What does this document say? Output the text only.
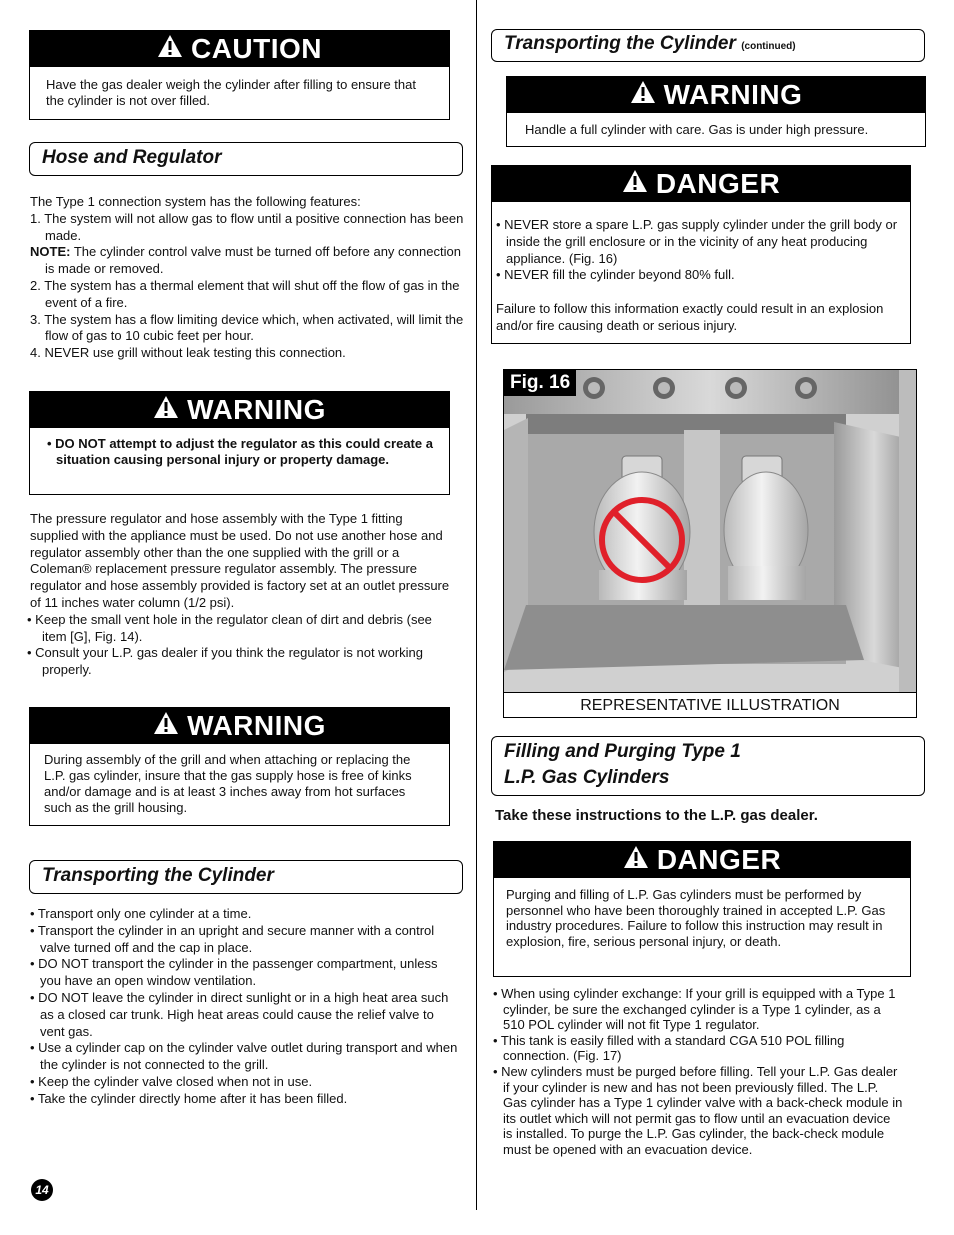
CAUTION
Have the gas dealer weigh the cylinder after filling to ensure that the cylinder is not over filled.
Hose and Regulator

The Type 1 connection system has the following features:

1. The system will not allow gas to flow until a positive connection has been made.

NOTE: The cylinder control valve must be turned off before any connection is made or removed.

2. The system has a thermal element that will shut off the flow of gas in the event of a fire.

3. The system has a flow limiting device which, when activated, will limit the flow of gas to 10 cubic feet per hour.

4. NEVER use grill without leak testing this connection.

WARNING
• DO NOT attempt to adjust the regulator as this could create a situation causing personal injury or property damage.

The pressure regulator and hose assembly with the Type 1 fitting supplied with the appliance must be used. Do not use another hose and regulator assembly other than the one supplied with the grill or a Coleman® replacement pressure regulator assembly. The pressure regulator and hose assembly provided is factory set at an outlet pressure of 11 inches water column (1/2 psi).

• Keep the small vent hole in the regulator clean of dirt and debris (see item [G], Fig. 14).

• Consult your L.P. gas dealer if you think the regulator is not working properly.

WARNING
During assembly of the grill and when attaching or replacing the L.P. gas cylinder, insure that the gas supply hose is free of kinks and/or damage and is at least 3 inches away from hot surfaces such as the grill housing.
Transporting the Cylinder

• Transport only one cylinder at a time.

• Transport the cylinder in an upright and secure manner with a control valve turned off and the cap in place.

• DO NOT transport the cylinder in the passenger compartment, unless you have an open window ventilation.

• DO NOT leave the cylinder in direct sunlight or in a high heat area such as a closed car trunk. High heat areas could cause the relief valve to vent gas.

• Use a cylinder cap on the cylinder valve outlet during transport and when the cylinder is not connected to the grill.

• Keep the cylinder valve closed when not in use.

• Take the cylinder directly home after it has been filled.

14
Transporting the Cylinder (continued)
WARNING
Handle a full cylinder with care. Gas is under high pressure.
DANGER

• NEVER store a spare L.P. gas supply cylinder under the grill body or inside the grill enclosure or in the vicinity of any heat producing appliance. (Fig. 16)

• NEVER fill the cylinder beyond 80% full.

Failure to follow this information exactly could result in an explosion and/or fire causing death or serious injury.

Fig. 16
REPRESENTATIVE ILLUSTRATION
Filling and Purging Type 1
L.P. Gas Cylinders
Take these instructions to the L.P. gas dealer.
DANGER
Purging and filling of L.P. Gas cylinders must be performed by personnel who have been thoroughly trained in accepted L.P. Gas industry procedures. Failure to follow this instruction may result in explosion, fire, serious personal injury, or death.

• When using cylinder exchange: If your grill is equipped with a Type 1 cylinder, be sure the exchanged cylinder is a Type 1 cylinder, as a 510 POL cylinder will not fit Type 1 regulator.

• This tank is easily filled with a standard CGA 510 POL filling connection. (Fig. 17)

• New cylinders must be purged before filling. Tell your L.P. Gas dealer if your cylinder is new and has not been previously filled. The L.P. Gas cylinder has a Type 1 cylinder valve with a back-check module in its outlet which will not permit gas to flow until an evacuation device is installed. To purge the L.P. Gas cylinder, the back-check module must be opened with an evacuation device.
